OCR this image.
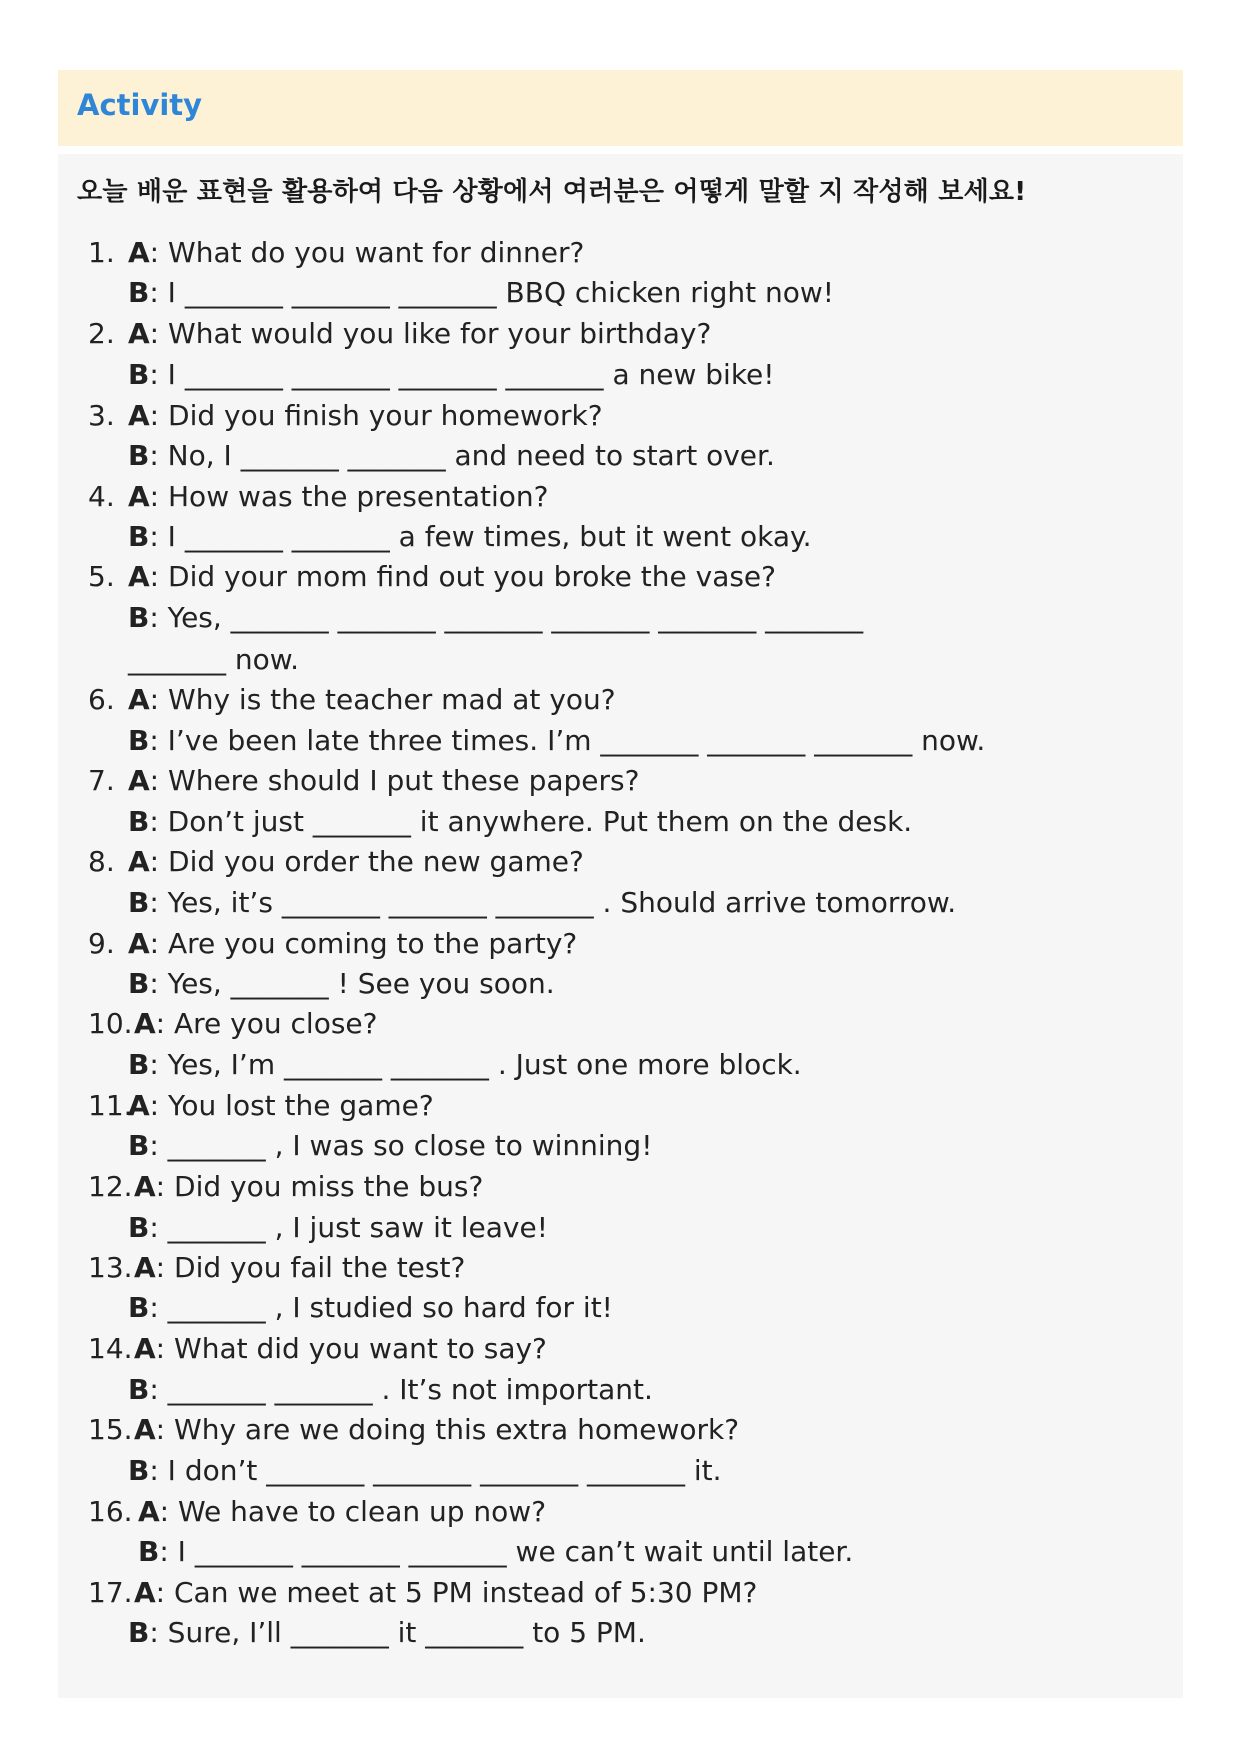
Activity
오늘 배운 표현을 활용하여 다음 상황에서 여러분은 어떻게 말할 지 작성해 보세요!
1. A: What do you want for dinner?
B: I _______ _______ _______ BBQ chicken right now!
2. A: What would you like for your birthday?
B: I _______ _______ _______ _______ a new bike!
3. A: Did you finish your homework?
B: No, I _______ _______ and need to start over.
4. A: How was the presentation?
B: I _______ _______ a few times, but it went okay.
5. A: Did your mom find out you broke the vase?
B: Yes, _______ _______ _______ _______ _______ _______
_______ now.
6. A: Why is the teacher mad at you?
B: I’ve been late three times. I’m _______ _______ _______ now.
7. A: Where should I put these papers?
B: Don’t just _______ it anywhere. Put them on the desk.
8. A: Did you order the new game?
B: Yes, it’s _______ _______ _______ . Should arrive tomorrow.
9. A: Are you coming to the party?
B: Yes, _______ ! See you soon.
10.A: Are you close?
B: Yes, I’m _______ _______ . Just one more block.
11.A: You lost the game?
B: _______ , I was so close to winning!
12.A: Did you miss the bus?
B: _______ , I just saw it leave!
13.A: Did you fail the test?
B: _______ , I studied so hard for it!
14.A: What did you want to say?
B: _______ _______ . It’s not important.
15.A: Why are we doing this extra homework?
B: I don’t _______ _______ _______ _______ it.
16. A: We have to clean up now?
B: I _______ _______ _______ we can’t wait until later.
17.A: Can we meet at 5 PM instead of 5:30 PM?
B: Sure, I’ll _______ it _______ to 5 PM.
